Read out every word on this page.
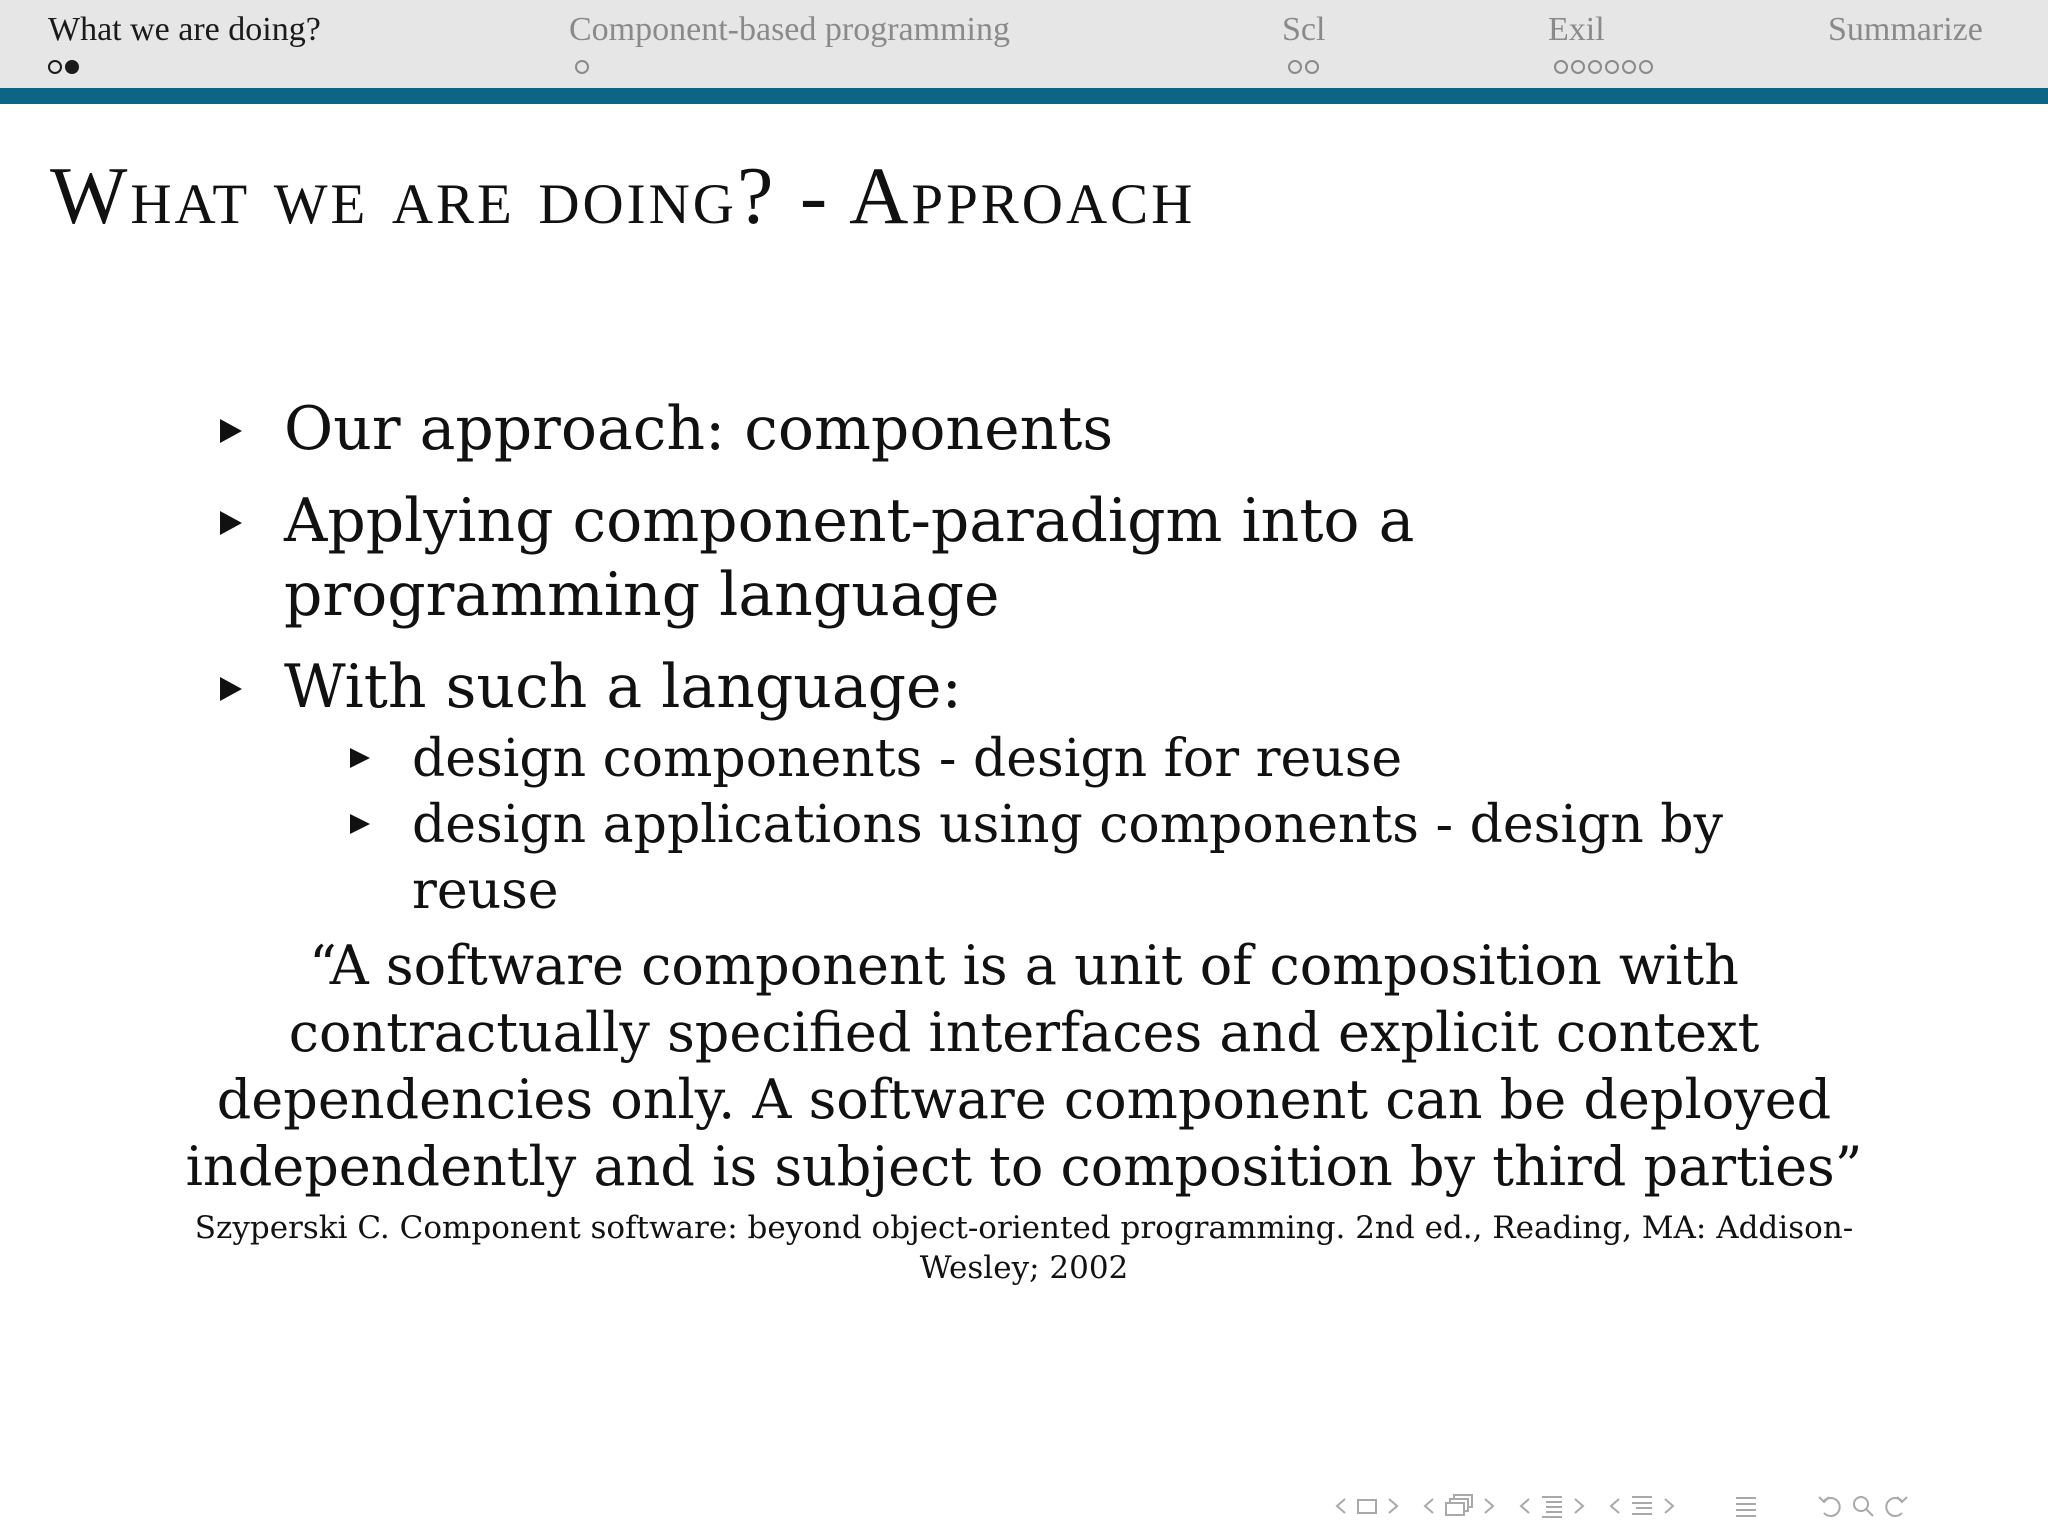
What we are doing?	Component-based programming	Scl	Exil	Summarize
What we are doing? - Approach
Our approach: components
Applying component-paradigm into a programming language
With such a language:
design components - design for reuse
design applications using components - design by reuse

“A software component is a unit of composition with contractually specified interfaces and explicit context dependencies only. A software component can be deployed independently and is subject to composition by third parties”

Szyperski C. Component software: beyond object-oriented programming. 2nd ed., Reading, MA: Addison-Wesley; 2002
